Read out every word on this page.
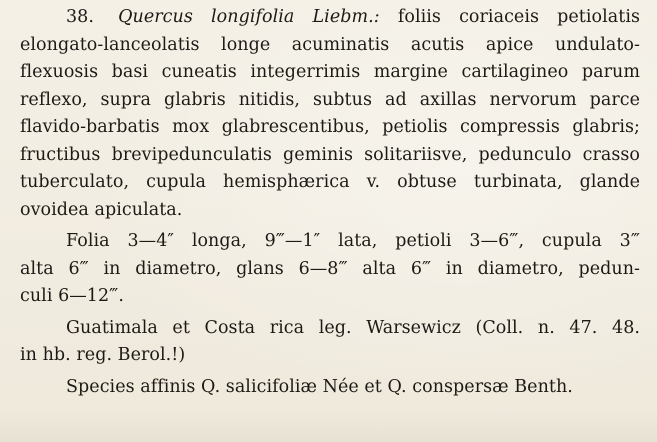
38. Quercus longifolia Liebm.: foliis coriaceis petiolatis
elongato-lanceolatis longe acuminatis acutis apice undulato-
flexuosis basi cuneatis integerrimis margine cartilagineo parum
reflexo, supra glabris nitidis, subtus ad axillas nervorum parce
flavido-barbatis mox glabrescentibus, petiolis compressis glabris;
fructibus brevipedunculatis geminis solitariisve, pedunculo crasso
tuberculato, cupula hemisphærica v. obtuse turbinata, glande
ovoidea apiculata.
Folia 3—4″ longa, 9‴—1″ lata, petioli 3—6‴, cupula 3‴
alta 6‴ in diametro, glans 6—8‴ alta 6‴ in diametro, pedun-
culi 6—12‴.
Guatimala et Costa rica leg. Warsewicz (Coll. n. 47. 48.
in hb. reg. Berol.!)
Species affinis Q. salicifoliæ Née et Q. conspersæ Benth.
